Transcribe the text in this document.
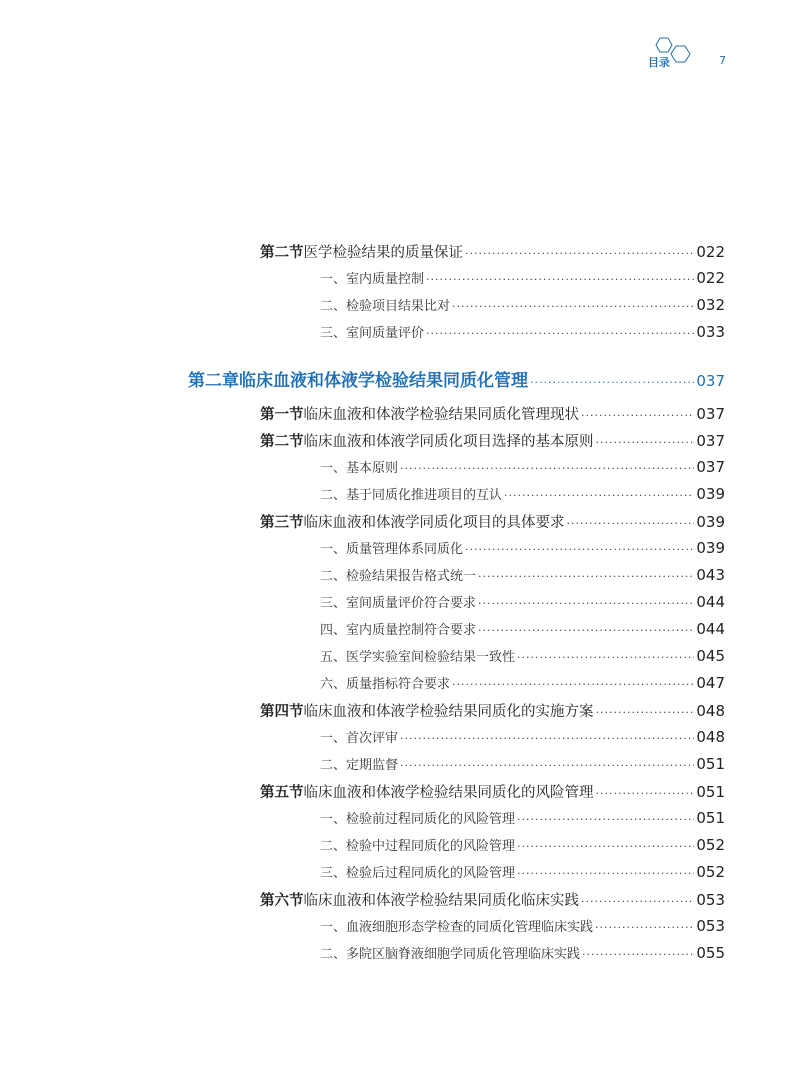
目录	7
第二节 医学检验结果的质量保证 ·····	022
一、室内质量控制 ·····	022
二、检验项目结果比对 ·····	032
三、室间质量评价 ·····	033
第二章 临床血液和体液学检验结果同质化管理 ·····	037
第一节 临床血液和体液学检验结果同质化管理现状 ·····	037
第二节 临床血液和体液学同质化项目选择的基本原则 ·····	037
一、基本原则 ·····	037
二、基于同质化推进项目的互认 ·····	039
第三节 临床血液和体液学同质化项目的具体要求 ·····	039
一、质量管理体系同质化 ·····	039
二、检验结果报告格式统一 ·····	043
三、室间质量评价符合要求 ·····	044
四、室内质量控制符合要求 ·····	044
五、医学实验室间检验结果一致性 ·····	045
六、质量指标符合要求 ·····	047
第四节 临床血液和体液学检验结果同质化的实施方案 ·····	048
一、首次评审 ·····	048
二、定期监督 ·····	051
第五节 临床血液和体液学检验结果同质化的风险管理 ·····	051
一、检验前过程同质化的风险管理 ·····	051
二、检验中过程同质化的风险管理 ·····	052
三、检验后过程同质化的风险管理 ·····	052
第六节 临床血液和体液学检验结果同质化临床实践 ·····	053
一、血液细胞形态学检查的同质化管理临床实践 ·····	053
二、多院区脑脊液细胞学同质化管理临床实践 ·····	055
